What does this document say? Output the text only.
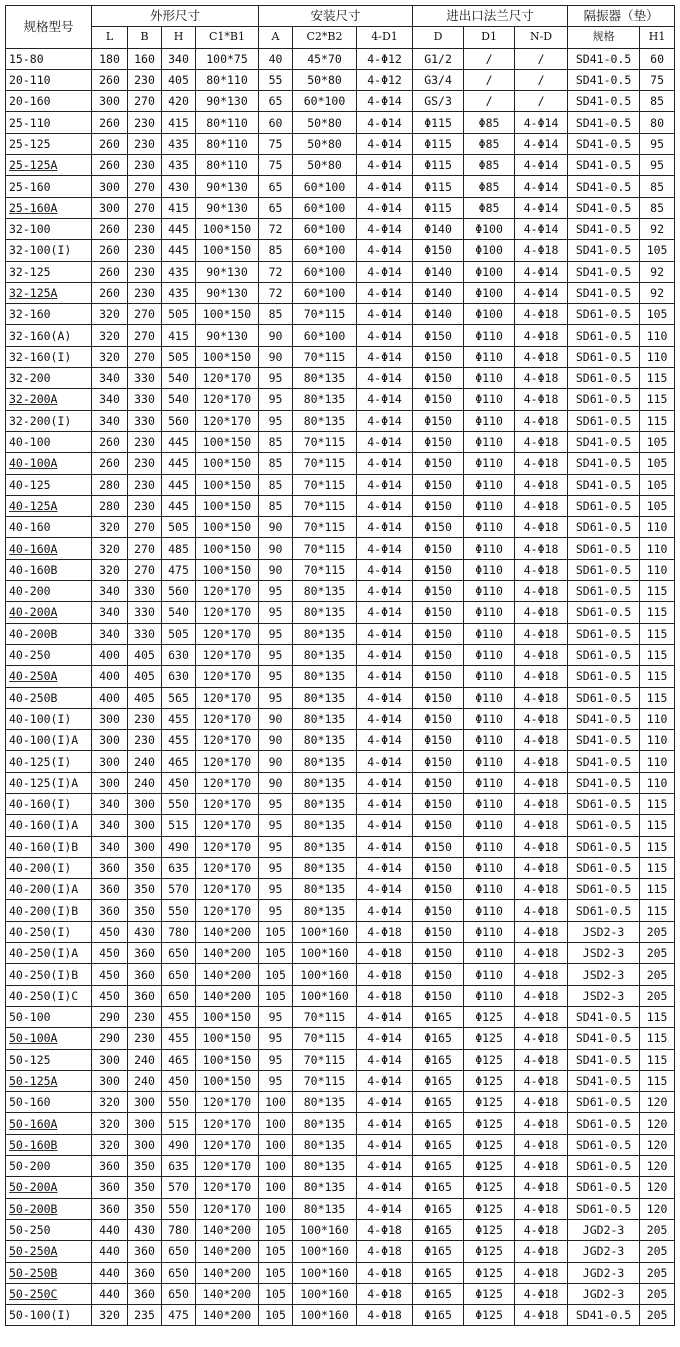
规格型号	外形尺寸				安装尺寸			进出口法兰尺寸			隔振器（垫）	
	L	B	H	C1*B1	A	C2*B2	4-D1	D	D1	N-D	规格	H1
15-80	180	160	340	100*75	40	45*70	4-Φ12	G1/2	/	/	SD41-0.5	60
20-110	260	230	405	80*110	55	50*80	4-Φ12	G3/4	/	/	SD41-0.5	75
20-160	300	270	420	90*130	65	60*100	4-Φ14	GS/3	/	/	SD41-0.5	85
25-110	260	230	415	80*110	60	50*80	4-Φ14	Φ115	Φ85	4-Φ14	SD41-0.5	80
25-125	260	230	435	80*110	75	50*80	4-Φ14	Φ115	Φ85	4-Φ14	SD41-0.5	95
25-125A	260	230	435	80*110	75	50*80	4-Φ14	Φ115	Φ85	4-Φ14	SD41-0.5	95
25-160	300	270	430	90*130	65	60*100	4-Φ14	Φ115	Φ85	4-Φ14	SD41-0.5	85
25-160A	300	270	415	90*130	65	60*100	4-Φ14	Φ115	Φ85	4-Φ14	SD41-0.5	85
32-100	260	230	445	100*150	72	60*100	4-Φ14	Φ140	Φ100	4-Φ14	SD41-0.5	92
32-100(I)	260	230	445	100*150	85	60*100	4-Φ14	Φ150	Φ100	4-Φ18	SD41-0.5	105
32-125	260	230	435	90*130	72	60*100	4-Φ14	Φ140	Φ100	4-Φ14	SD41-0.5	92
32-125A	260	230	435	90*130	72	60*100	4-Φ14	Φ140	Φ100	4-Φ14	SD41-0.5	92
32-160	320	270	505	100*150	85	70*115	4-Φ14	Φ140	Φ100	4-Φ18	SD61-0.5	105
32-160(A)	320	270	415	90*130	90	60*100	4-Φ14	Φ150	Φ110	4-Φ18	SD61-0.5	110
32-160(I)	320	270	505	100*150	90	70*115	4-Φ14	Φ150	Φ110	4-Φ18	SD61-0.5	110
32-200	340	330	540	120*170	95	80*135	4-Φ14	Φ150	Φ110	4-Φ18	SD61-0.5	115
32-200A	340	330	540	120*170	95	80*135	4-Φ14	Φ150	Φ110	4-Φ18	SD61-0.5	115
32-200(I)	340	330	560	120*170	95	80*135	4-Φ14	Φ150	Φ110	4-Φ18	SD61-0.5	115
40-100	260	230	445	100*150	85	70*115	4-Φ14	Φ150	Φ110	4-Φ18	SD41-0.5	105
40-100A	260	230	445	100*150	85	70*115	4-Φ14	Φ150	Φ110	4-Φ18	SD41-0.5	105
40-125	280	230	445	100*150	85	70*115	4-Φ14	Φ150	Φ110	4-Φ18	SD41-0.5	105
40-125A	280	230	445	100*150	85	70*115	4-Φ14	Φ150	Φ110	4-Φ18	SD61-0.5	105
40-160	320	270	505	100*150	90	70*115	4-Φ14	Φ150	Φ110	4-Φ18	SD61-0.5	110
40-160A	320	270	485	100*150	90	70*115	4-Φ14	Φ150	Φ110	4-Φ18	SD61-0.5	110
40-160B	320	270	475	100*150	90	70*115	4-Φ14	Φ150	Φ110	4-Φ18	SD61-0.5	110
40-200	340	330	560	120*170	95	80*135	4-Φ14	Φ150	Φ110	4-Φ18	SD61-0.5	115
40-200A	340	330	540	120*170	95	80*135	4-Φ14	Φ150	Φ110	4-Φ18	SD61-0.5	115
40-200B	340	330	505	120*170	95	80*135	4-Φ14	Φ150	Φ110	4-Φ18	SD61-0.5	115
40-250	400	405	630	120*170	95	80*135	4-Φ14	Φ150	Φ110	4-Φ18	SD61-0.5	115
40-250A	400	405	630	120*170	95	80*135	4-Φ14	Φ150	Φ110	4-Φ18	SD61-0.5	115
40-250B	400	405	565	120*170	95	80*135	4-Φ14	Φ150	Φ110	4-Φ18	SD61-0.5	115
40-100(I)	300	230	455	120*170	90	80*135	4-Φ14	Φ150	Φ110	4-Φ18	SD41-0.5	110
40-100(I)A	300	230	455	120*170	90	80*135	4-Φ14	Φ150	Φ110	4-Φ18	SD41-0.5	110
40-125(I)	300	240	465	120*170	90	80*135	4-Φ14	Φ150	Φ110	4-Φ18	SD41-0.5	110
40-125(I)A	300	240	450	120*170	90	80*135	4-Φ14	Φ150	Φ110	4-Φ18	SD41-0.5	110
40-160(I)	340	300	550	120*170	95	80*135	4-Φ14	Φ150	Φ110	4-Φ18	SD61-0.5	115
40-160(I)A	340	300	515	120*170	95	80*135	4-Φ14	Φ150	Φ110	4-Φ18	SD61-0.5	115
40-160(I)B	340	300	490	120*170	95	80*135	4-Φ14	Φ150	Φ110	4-Φ18	SD61-0.5	115
40-200(I)	360	350	635	120*170	95	80*135	4-Φ14	Φ150	Φ110	4-Φ18	SD61-0.5	115
40-200(I)A	360	350	570	120*170	95	80*135	4-Φ14	Φ150	Φ110	4-Φ18	SD61-0.5	115
40-200(I)B	360	350	550	120*170	95	80*135	4-Φ14	Φ150	Φ110	4-Φ18	SD61-0.5	115
40-250(I)	450	430	780	140*200	105	100*160	4-Φ18	Φ150	Φ110	4-Φ18	JSD2-3	205
40-250(I)A	450	360	650	140*200	105	100*160	4-Φ18	Φ150	Φ110	4-Φ18	JSD2-3	205
40-250(I)B	450	360	650	140*200	105	100*160	4-Φ18	Φ150	Φ110	4-Φ18	JSD2-3	205
40-250(I)C	450	360	650	140*200	105	100*160	4-Φ18	Φ150	Φ110	4-Φ18	JSD2-3	205
50-100	290	230	455	100*150	95	70*115	4-Φ14	Φ165	Φ125	4-Φ18	SD41-0.5	115
50-100A	290	230	455	100*150	95	70*115	4-Φ14	Φ165	Φ125	4-Φ18	SD41-0.5	115
50-125	300	240	465	100*150	95	70*115	4-Φ14	Φ165	Φ125	4-Φ18	SD41-0.5	115
50-125A	300	240	450	100*150	95	70*115	4-Φ14	Φ165	Φ125	4-Φ18	SD41-0.5	115
50-160	320	300	550	120*170	100	80*135	4-Φ14	Φ165	Φ125	4-Φ18	SD61-0.5	120
50-160A	320	300	515	120*170	100	80*135	4-Φ14	Φ165	Φ125	4-Φ18	SD61-0.5	120
50-160B	320	300	490	120*170	100	80*135	4-Φ14	Φ165	Φ125	4-Φ18	SD61-0.5	120
50-200	360	350	635	120*170	100	80*135	4-Φ14	Φ165	Φ125	4-Φ18	SD61-0.5	120
50-200A	360	350	570	120*170	100	80*135	4-Φ14	Φ165	Φ125	4-Φ18	SD61-0.5	120
50-200B	360	350	550	120*170	100	80*135	4-Φ14	Φ165	Φ125	4-Φ18	SD61-0.5	120
50-250	440	430	780	140*200	105	100*160	4-Φ18	Φ165	Φ125	4-Φ18	JGD2-3	205
50-250A	440	360	650	140*200	105	100*160	4-Φ18	Φ165	Φ125	4-Φ18	JGD2-3	205
50-250B	440	360	650	140*200	105	100*160	4-Φ18	Φ165	Φ125	4-Φ18	JGD2-3	205
50-250C	440	360	650	140*200	105	100*160	4-Φ18	Φ165	Φ125	4-Φ18	JGD2-3	205
50-100(I)	320	235	475	140*200	105	100*160	4-Φ18	Φ165	Φ125	4-Φ18	SD41-0.5	205
